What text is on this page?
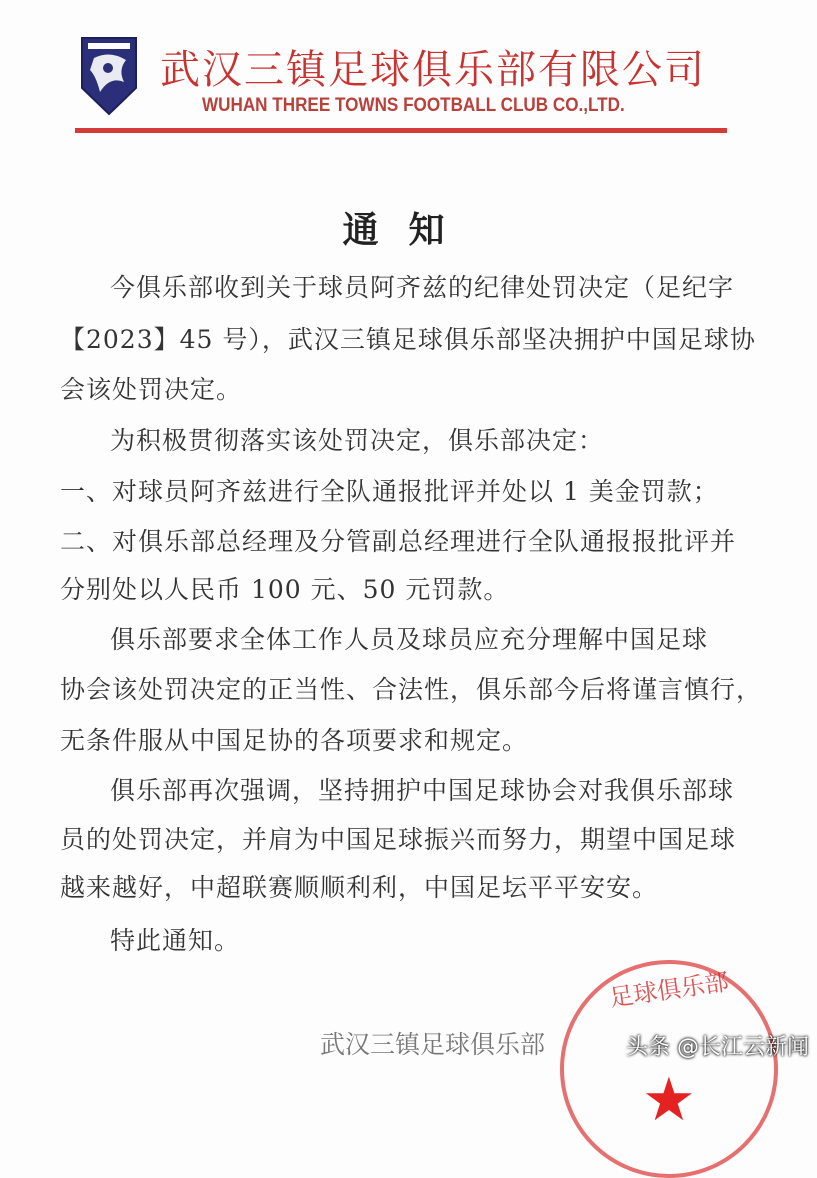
武汉三镇足球俱乐部有限公司
WUHAN THREE TOWNS FOOTBALL CLUB CO.,LTD.
通知
今俱乐部收到关于球员阿齐兹的纪律处罚决定（足纪字
【2023】45 号），武汉三镇足球俱乐部坚决拥护中国足球协
会该处罚决定。
为积极贯彻落实该处罚决定，俱乐部决定：
一、对球员阿齐兹进行全队通报批评并处以 1 美金罚款；
二、对俱乐部总经理及分管副总经理进行全队通报报批评并
分别处以人民币 100 元、50 元罚款。
俱乐部要求全体工作人员及球员应充分理解中国足球
协会该处罚决定的正当性、合法性，俱乐部今后将谨言慎行，
无条件服从中国足协的各项要求和规定。
俱乐部再次强调，坚持拥护中国足球协会对我俱乐部球
员的处罚决定，并肩为中国足球振兴而努力，期望中国足球
越来越好，中超联赛顺顺利利，中国足坛平平安安。
特此通知。
武汉三镇足球俱乐部
足球俱乐部
★
头条 @长江云新闻
